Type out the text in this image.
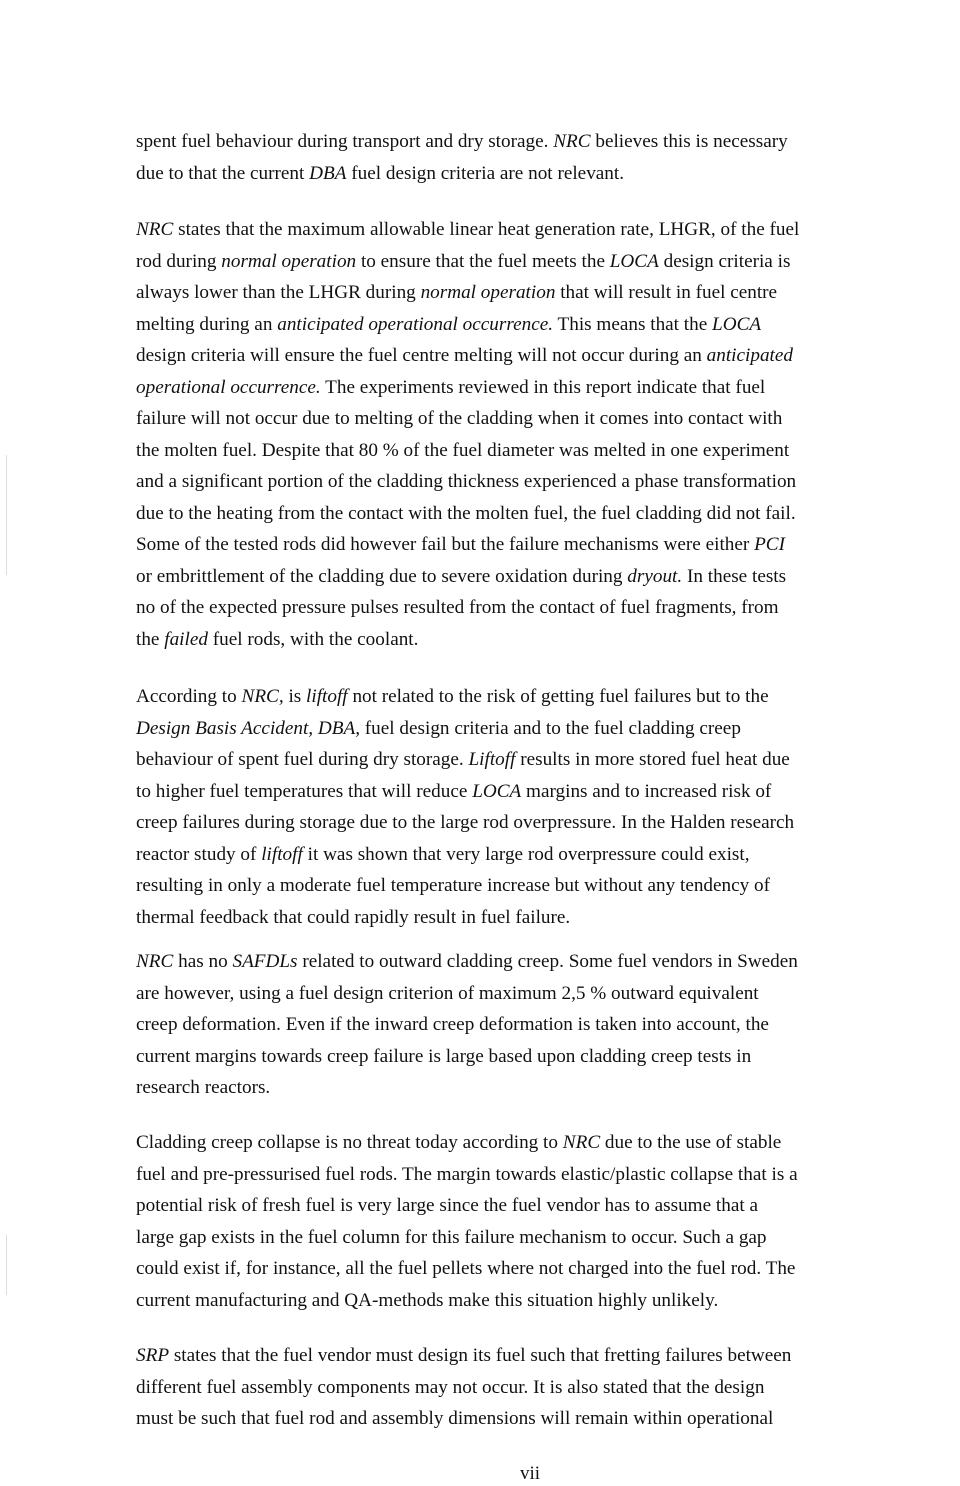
spent fuel behaviour during transport and dry storage. NRC believes this is necessary
due to that the current DBA fuel design criteria are not relevant.

NRC states that the maximum allowable linear heat generation rate, LHGR, of the fuel
rod during normal operation to ensure that the fuel meets the LOCA design criteria is
always lower than the LHGR during normal operation that will result in fuel centre
melting during an anticipated operational occurrence. This means that the LOCA
design criteria will ensure the fuel centre melting will not occur during an anticipated
operational occurrence. The experiments reviewed in this report indicate that fuel
failure will not occur due to melting of the cladding when it comes into contact with
the molten fuel. Despite that 80 % of the fuel diameter was melted in one experiment
and a significant portion of the cladding thickness experienced a phase transformation
due to the heating from the contact with the molten fuel, the fuel cladding did not fail.
Some of the tested rods did however fail but the failure mechanisms were either PCI
or embrittlement of the cladding due to severe oxidation during dryout. In these tests
no of the expected pressure pulses resulted from the contact of fuel fragments, from
the failed fuel rods, with the coolant.

According to NRC, is liftoff not related to the risk of getting fuel failures but to the
Design Basis Accident, DBA, fuel design criteria and to the fuel cladding creep
behaviour of spent fuel during dry storage. Liftoff results in more stored fuel heat due
to higher fuel temperatures that will reduce LOCA margins and to increased risk of
creep failures during storage due to the large rod overpressure. In the Halden research
reactor study of liftoff it was shown that very large rod overpressure could exist,
resulting in only a moderate fuel temperature increase but without any tendency of
thermal feedback that could rapidly result in fuel failure.

NRC has no SAFDLs related to outward cladding creep. Some fuel vendors in Sweden
are however, using a fuel design criterion of maximum 2,5 % outward equivalent
creep deformation. Even if the inward creep deformation is taken into account, the
current margins towards creep failure is large based upon cladding creep tests in
research reactors.

Cladding creep collapse is no threat today according to NRC due to the use of stable
fuel and pre-pressurised fuel rods. The margin towards elastic/plastic collapse that is a
potential risk of fresh fuel is very large since the fuel vendor has to assume that a
large gap exists in the fuel column for this failure mechanism to occur. Such a gap
could exist if, for instance, all the fuel pellets where not charged into the fuel rod. The
current manufacturing and QA-methods make this situation highly unlikely.

SRP states that the fuel vendor must design its fuel such that fretting failures between
different fuel assembly components may not occur. It is also stated that the design
must be such that fuel rod and assembly dimensions will remain within operational

vii
